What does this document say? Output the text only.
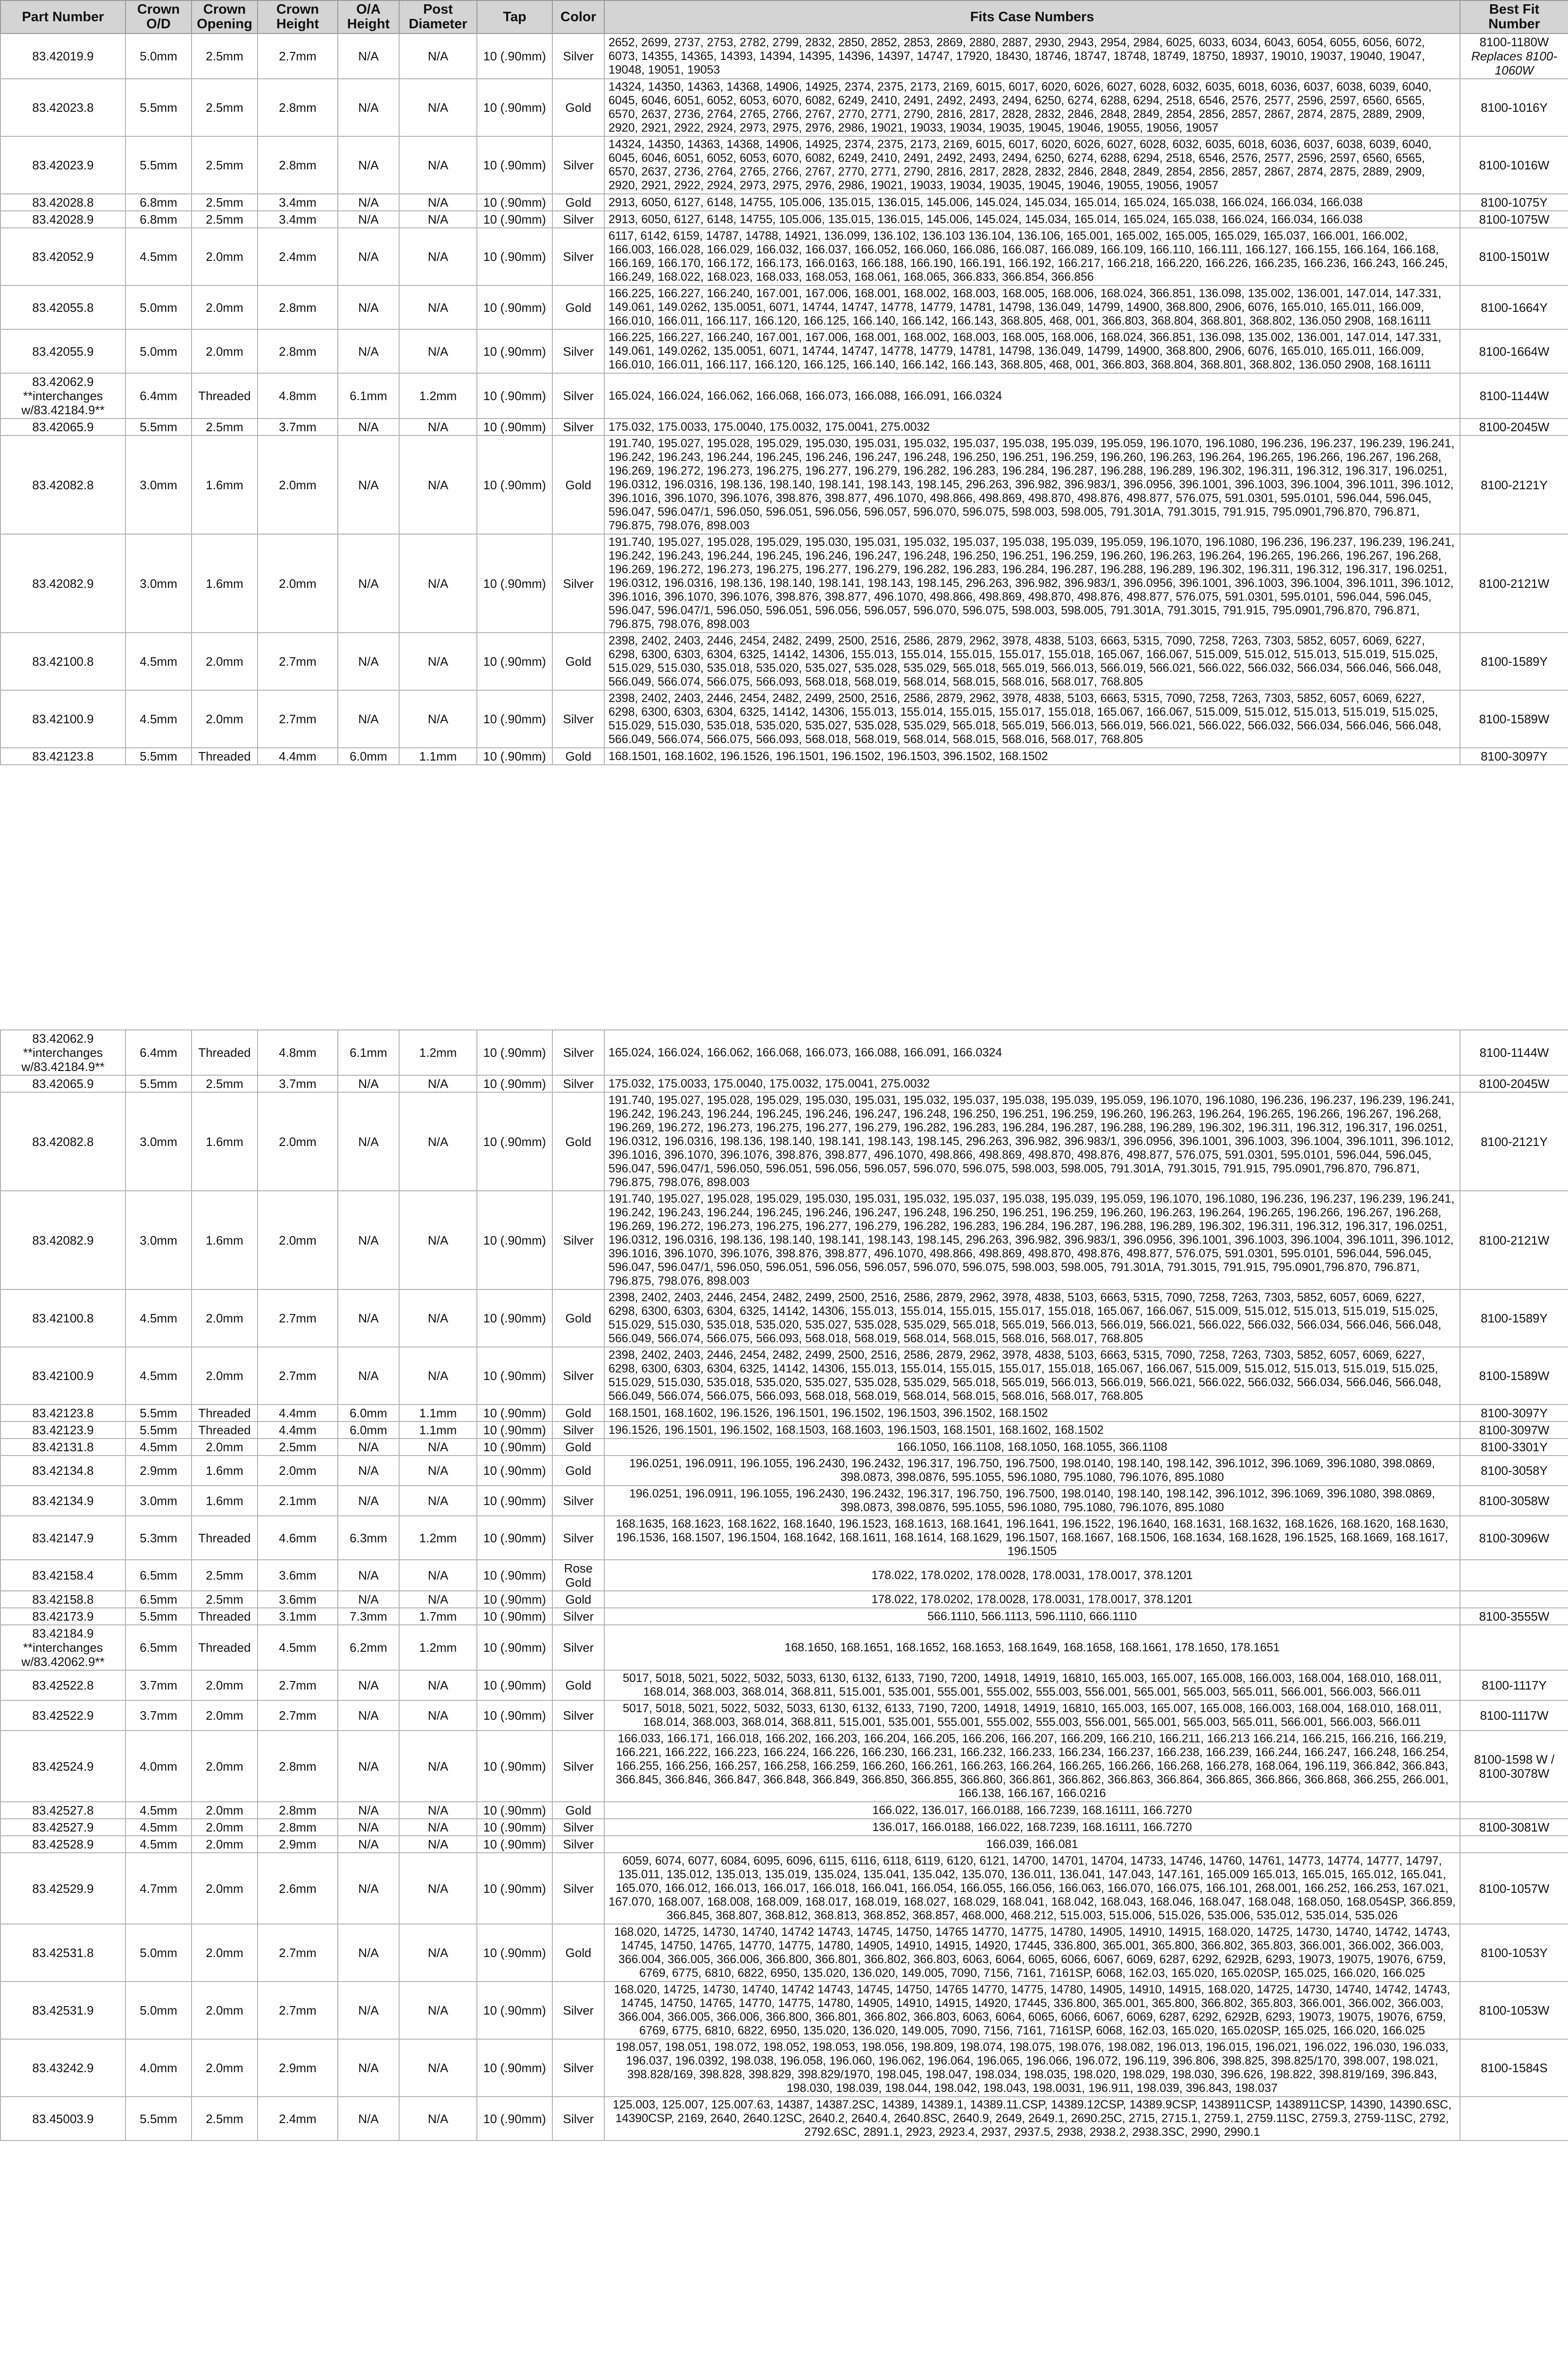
Part Number	Crown O/D	Crown Opening	Crown Height	O/A Height	Post Diameter	Tap	Color	Fits Case Numbers	Best Fit Number
83.42019.9	5.0mm	2.5mm	2.7mm	N/A	N/A	10 (.90mm)	Silver	2652, 2699, 2737, 2753, 2782, 2799, 2832, 2850, 2852, 2853, 2869, 2880, 2887, 2930, 2943, 2954, 2984, 6025, 6033, 6034, 6043, 6054, 6055, 6056, 6072, 6073, 14355, 14365, 14393, 14394, 14395, 14396, 14397, 14747, 17920, 18430, 18746, 18747, 18748, 18749, 18750, 18937, 19010, 19037, 19040, 19047, 19048, 19051, 19053	8100-1180W
Replaces 8100-1060W

83.42023.8	5.5mm	2.5mm	2.8mm	N/A	N/A	10 (.90mm)	Gold	14324, 14350, 14363, 14368, 14906, 14925, 2374, 2375, 2173, 2169, 6015, 6017, 6020, 6026, 6027, 6028, 6032, 6035, 6018, 6036, 6037, 6038, 6039, 6040, 6045, 6046, 6051, 6052, 6053, 6070, 6082, 6249, 2410, 2491, 2492, 2493, 2494, 6250, 6274, 6288, 6294, 2518, 6546, 2576, 2577, 2596, 2597, 6560, 6565, 6570, 2637, 2736, 2764, 2765, 2766, 2767, 2770, 2771, 2790, 2816, 2817, 2828, 2832, 2846, 2848, 2849, 2854, 2856, 2857, 2867, 2874, 2875, 2889, 2909, 2920, 2921, 2922, 2924, 2973, 2975, 2976, 2986, 19021, 19033, 19034, 19035, 19045, 19046, 19055, 19056, 19057	8100-1016Y
83.42023.9	5.5mm	2.5mm	2.8mm	N/A	N/A	10 (.90mm)	Silver	14324, 14350, 14363, 14368, 14906, 14925, 2374, 2375, 2173, 2169, 6015, 6017, 6020, 6026, 6027, 6028, 6032, 6035, 6018, 6036, 6037, 6038, 6039, 6040, 6045, 6046, 6051, 6052, 6053, 6070, 6082, 6249, 2410, 2491, 2492, 2493, 2494, 6250, 6274, 6288, 6294, 2518, 6546, 2576, 2577, 2596, 2597, 6560, 6565, 6570, 2637, 2736, 2764, 2765, 2766, 2767, 2770, 2771, 2790, 2816, 2817, 2828, 2832, 2846, 2848, 2849, 2854, 2856, 2857, 2867, 2874, 2875, 2889, 2909, 2920, 2921, 2922, 2924, 2973, 2975, 2976, 2986, 19021, 19033, 19034, 19035, 19045, 19046, 19055, 19056, 19057	8100-1016W
83.42028.8	6.8mm	2.5mm	3.4mm	N/A	N/A	10 (.90mm)	Gold	2913, 6050, 6127, 6148, 14755, 105.006, 135.015, 136.015, 145.006, 145.024, 145.034, 165.014, 165.024, 165.038, 166.024, 166.034, 166.038	8100-1075Y
83.42028.9	6.8mm	2.5mm	3.4mm	N/A	N/A	10 (.90mm)	Silver	2913, 6050, 6127, 6148, 14755, 105.006, 135.015, 136.015, 145.006, 145.024, 145.034, 165.014, 165.024, 165.038, 166.024, 166.034, 166.038	8100-1075W
83.42052.9	4.5mm	2.0mm	2.4mm	N/A	N/A	10 (.90mm)	Silver	6117, 6142, 6159, 14787, 14788, 14921, 136.099, 136.102, 136.103 136.104, 136.106, 165.001, 165.002, 165.005, 165.029, 165.037, 166.001, 166.002, 166.003, 166.028, 166.029, 166.032, 166.037, 166.052, 166.060, 166.086, 166.087, 166.089, 166.109, 166.110, 166.111, 166.127, 166.155, 166.164, 166.168, 166.169, 166.170, 166.172, 166.173, 166.0163, 166.188, 166.190, 166.191, 166.192, 166.217, 166.218, 166.220, 166.226, 166.235, 166.236, 166.243, 166.245, 166.249, 168.022, 168.023, 168.033, 168.053, 168.061, 168.065, 366.833, 366.854, 366.856	8100-1501W
83.42055.8	5.0mm	2.0mm	2.8mm	N/A	N/A	10 (.90mm)	Gold	166.225, 166.227, 166.240, 167.001, 167.006, 168.001, 168.002, 168.003, 168.005, 168.006, 168.024, 366.851, 136.098, 135.002, 136.001, 147.014, 147.331, 149.061, 149.0262, 135.0051, 6071, 14744, 14747, 14778, 14779, 14781, 14798, 136.049, 14799, 14900, 368.800, 2906, 6076, 165.010, 165.011, 166.009, 166.010, 166.011, 166.117, 166.120, 166.125, 166.140, 166.142, 166.143, 368.805, 468, 001, 366.803, 368.804, 368.801, 368.802, 136.050 2908, 168.16111	8100-1664Y
83.42055.9	5.0mm	2.0mm	2.8mm	N/A	N/A	10 (.90mm)	Silver	166.225, 166.227, 166.240, 167.001, 167.006, 168.001, 168.002, 168.003, 168.005, 168.006, 168.024, 366.851, 136.098, 135.002, 136.001, 147.014, 147.331, 149.061, 149.0262, 135.0051, 6071, 14744, 14747, 14778, 14779, 14781, 14798, 136.049, 14799, 14900, 368.800, 2906, 6076, 165.010, 165.011, 166.009, 166.010, 166.011, 166.117, 166.120, 166.125, 166.140, 166.142, 166.143, 368.805, 468, 001, 366.803, 368.804, 368.801, 368.802, 136.050 2908, 168.16111	8100-1664W
83.42062.9 **interchanges w/83.42184.9**	6.4mm	Threaded	4.8mm	6.1mm	1.2mm	10 (.90mm)	Silver	165.024, 166.024, 166.062, 166.068, 166.073, 166.088, 166.091, 166.0324	8100-1144W
83.42065.9	5.5mm	2.5mm	3.7mm	N/A	N/A	10 (.90mm)	Silver	175.032, 175.0033, 175.0040, 175.0032, 175.0041, 275.0032	8100-2045W
83.42082.8	3.0mm	1.6mm	2.0mm	N/A	N/A	10 (.90mm)	Gold	191.740, 195.027, 195.028, 195.029, 195.030, 195.031, 195.032, 195.037, 195.038, 195.039, 195.059, 196.1070, 196.1080, 196.236, 196.237, 196.239, 196.241, 196.242, 196.243, 196.244, 196.245, 196.246, 196.247, 196.248, 196.250, 196.251, 196.259, 196.260, 196.263, 196.264, 196.265, 196.266, 196.267, 196.268, 196.269, 196.272, 196.273, 196.275, 196.277, 196.279, 196.282, 196.283, 196.284, 196.287, 196.288, 196.289, 196.302, 196.311, 196.312, 196.317, 196.0251, 196.0312, 196.0316, 198.136, 198.140, 198.141, 198.143, 198.145, 296.263, 396.982, 396.983/1, 396.0956, 396.1001, 396.1003, 396.1004, 396.1011, 396.1012, 396.1016, 396.1070, 396.1076, 398.876, 398.877, 496.1070, 498.866, 498.869, 498.870, 498.876, 498.877, 576.075, 591.0301, 595.0101, 596.044, 596.045, 596.047, 596.047/1, 596.050, 596.051, 596.056, 596.057, 596.070, 596.075, 598.003, 598.005, 791.301A, 791.3015, 791.915, 795.0901,796.870, 796.871, 796.875, 798.076, 898.003	8100-2121Y
83.42082.9	3.0mm	1.6mm	2.0mm	N/A	N/A	10 (.90mm)	Silver	191.740, 195.027, 195.028, 195.029, 195.030, 195.031, 195.032, 195.037, 195.038, 195.039, 195.059, 196.1070, 196.1080, 196.236, 196.237, 196.239, 196.241, 196.242, 196.243, 196.244, 196.245, 196.246, 196.247, 196.248, 196.250, 196.251, 196.259, 196.260, 196.263, 196.264, 196.265, 196.266, 196.267, 196.268, 196.269, 196.272, 196.273, 196.275, 196.277, 196.279, 196.282, 196.283, 196.284, 196.287, 196.288, 196.289, 196.302, 196.311, 196.312, 196.317, 196.0251, 196.0312, 196.0316, 198.136, 198.140, 198.141, 198.143, 198.145, 296.263, 396.982, 396.983/1, 396.0956, 396.1001, 396.1003, 396.1004, 396.1011, 396.1012, 396.1016, 396.1070, 396.1076, 398.876, 398.877, 496.1070, 498.866, 498.869, 498.870, 498.876, 498.877, 576.075, 591.0301, 595.0101, 596.044, 596.045, 596.047, 596.047/1, 596.050, 596.051, 596.056, 596.057, 596.070, 596.075, 598.003, 598.005, 791.301A, 791.3015, 791.915, 795.0901,796.870, 796.871, 796.875, 798.076, 898.003	8100-2121W
83.42100.8	4.5mm	2.0mm	2.7mm	N/A	N/A	10 (.90mm)	Gold	2398, 2402, 2403, 2446, 2454, 2482, 2499, 2500, 2516, 2586, 2879, 2962, 3978, 4838, 5103, 6663, 5315, 7090, 7258, 7263, 7303, 5852, 6057, 6069, 6227, 6298, 6300, 6303, 6304, 6325, 14142, 14306, 155.013, 155.014, 155.015, 155.017, 155.018, 165.067, 166.067, 515.009, 515.012, 515.013, 515.019, 515.025, 515.029, 515.030, 535.018, 535.020, 535.027, 535.028, 535.029, 565.018, 565.019, 566.013, 566.019, 566.021, 566.022, 566.032, 566.034, 566.046, 566.048, 566.049, 566.074, 566.075, 566.093, 568.018, 568.019, 568.014, 568.015, 568.016, 568.017, 768.805	8100-1589Y
83.42100.9	4.5mm	2.0mm	2.7mm	N/A	N/A	10 (.90mm)	Silver	2398, 2402, 2403, 2446, 2454, 2482, 2499, 2500, 2516, 2586, 2879, 2962, 3978, 4838, 5103, 6663, 5315, 7090, 7258, 7263, 7303, 5852, 6057, 6069, 6227, 6298, 6300, 6303, 6304, 6325, 14142, 14306, 155.013, 155.014, 155.015, 155.017, 155.018, 165.067, 166.067, 515.009, 515.012, 515.013, 515.019, 515.025, 515.029, 515.030, 535.018, 535.020, 535.027, 535.028, 535.029, 565.018, 565.019, 566.013, 566.019, 566.021, 566.022, 566.032, 566.034, 566.046, 566.048, 566.049, 566.074, 566.075, 566.093, 568.018, 568.019, 568.014, 568.015, 568.016, 568.017, 768.805	8100-1589W
83.42123.8	5.5mm	Threaded	4.4mm	6.0mm	1.1mm	10 (.90mm)	Gold	168.1501, 168.1602, 196.1526, 196.1501, 196.1502, 196.1503, 396.1502, 168.1502	8100-3097Y
83.42062.9 **interchanges w/83.42184.9**	6.4mm	Threaded	4.8mm	6.1mm	1.2mm	10 (.90mm)	Silver	165.024, 166.024, 166.062, 166.068, 166.073, 166.088, 166.091, 166.0324	8100-1144W
83.42065.9	5.5mm	2.5mm	3.7mm	N/A	N/A	10 (.90mm)	Silver	175.032, 175.0033, 175.0040, 175.0032, 175.0041, 275.0032	8100-2045W
83.42082.8	3.0mm	1.6mm	2.0mm	N/A	N/A	10 (.90mm)	Gold	191.740, 195.027, 195.028, 195.029, 195.030, 195.031, 195.032, 195.037, 195.038, 195.039, 195.059, 196.1070, 196.1080, 196.236, 196.237, 196.239, 196.241, 196.242, 196.243, 196.244, 196.245, 196.246, 196.247, 196.248, 196.250, 196.251, 196.259, 196.260, 196.263, 196.264, 196.265, 196.266, 196.267, 196.268, 196.269, 196.272, 196.273, 196.275, 196.277, 196.279, 196.282, 196.283, 196.284, 196.287, 196.288, 196.289, 196.302, 196.311, 196.312, 196.317, 196.0251, 196.0312, 196.0316, 198.136, 198.140, 198.141, 198.143, 198.145, 296.263, 396.982, 396.983/1, 396.0956, 396.1001, 396.1003, 396.1004, 396.1011, 396.1012, 396.1016, 396.1070, 396.1076, 398.876, 398.877, 496.1070, 498.866, 498.869, 498.870, 498.876, 498.877, 576.075, 591.0301, 595.0101, 596.044, 596.045, 596.047, 596.047/1, 596.050, 596.051, 596.056, 596.057, 596.070, 596.075, 598.003, 598.005, 791.301A, 791.3015, 791.915, 795.0901,796.870, 796.871, 796.875, 798.076, 898.003	8100-2121Y
83.42082.9	3.0mm	1.6mm	2.0mm	N/A	N/A	10 (.90mm)	Silver	191.740, 195.027, 195.028, 195.029, 195.030, 195.031, 195.032, 195.037, 195.038, 195.039, 195.059, 196.1070, 196.1080, 196.236, 196.237, 196.239, 196.241, 196.242, 196.243, 196.244, 196.245, 196.246, 196.247, 196.248, 196.250, 196.251, 196.259, 196.260, 196.263, 196.264, 196.265, 196.266, 196.267, 196.268, 196.269, 196.272, 196.273, 196.275, 196.277, 196.279, 196.282, 196.283, 196.284, 196.287, 196.288, 196.289, 196.302, 196.311, 196.312, 196.317, 196.0251, 196.0312, 196.0316, 198.136, 198.140, 198.141, 198.143, 198.145, 296.263, 396.982, 396.983/1, 396.0956, 396.1001, 396.1003, 396.1004, 396.1011, 396.1012, 396.1016, 396.1070, 396.1076, 398.876, 398.877, 496.1070, 498.866, 498.869, 498.870, 498.876, 498.877, 576.075, 591.0301, 595.0101, 596.044, 596.045, 596.047, 596.047/1, 596.050, 596.051, 596.056, 596.057, 596.070, 596.075, 598.003, 598.005, 791.301A, 791.3015, 791.915, 795.0901,796.870, 796.871, 796.875, 798.076, 898.003	8100-2121W
83.42100.8	4.5mm	2.0mm	2.7mm	N/A	N/A	10 (.90mm)	Gold	2398, 2402, 2403, 2446, 2454, 2482, 2499, 2500, 2516, 2586, 2879, 2962, 3978, 4838, 5103, 6663, 5315, 7090, 7258, 7263, 7303, 5852, 6057, 6069, 6227, 6298, 6300, 6303, 6304, 6325, 14142, 14306, 155.013, 155.014, 155.015, 155.017, 155.018, 165.067, 166.067, 515.009, 515.012, 515.013, 515.019, 515.025, 515.029, 515.030, 535.018, 535.020, 535.027, 535.028, 535.029, 565.018, 565.019, 566.013, 566.019, 566.021, 566.022, 566.032, 566.034, 566.046, 566.048, 566.049, 566.074, 566.075, 566.093, 568.018, 568.019, 568.014, 568.015, 568.016, 568.017, 768.805	8100-1589Y
83.42100.9	4.5mm	2.0mm	2.7mm	N/A	N/A	10 (.90mm)	Silver	2398, 2402, 2403, 2446, 2454, 2482, 2499, 2500, 2516, 2586, 2879, 2962, 3978, 4838, 5103, 6663, 5315, 7090, 7258, 7263, 7303, 5852, 6057, 6069, 6227, 6298, 6300, 6303, 6304, 6325, 14142, 14306, 155.013, 155.014, 155.015, 155.017, 155.018, 165.067, 166.067, 515.009, 515.012, 515.013, 515.019, 515.025, 515.029, 515.030, 535.018, 535.020, 535.027, 535.028, 535.029, 565.018, 565.019, 566.013, 566.019, 566.021, 566.022, 566.032, 566.034, 566.046, 566.048, 566.049, 566.074, 566.075, 566.093, 568.018, 568.019, 568.014, 568.015, 568.016, 568.017, 768.805	8100-1589W
83.42123.8	5.5mm	Threaded	4.4mm	6.0mm	1.1mm	10 (.90mm)	Gold	168.1501, 168.1602, 196.1526, 196.1501, 196.1502, 196.1503, 396.1502, 168.1502	8100-3097Y
83.42123.9	5.5mm	Threaded	4.4mm	6.0mm	1.1mm	10 (.90mm)	Silver	196.1526, 196.1501, 196.1502, 168.1503, 168.1603, 196.1503, 168.1501, 168.1602, 168.1502	8100-3097W
83.42131.8	4.5mm	2.0mm	2.5mm	N/A	N/A	10 (.90mm)	Gold	166.1050, 166.1108, 168.1050, 168.1055, 366.1108	8100-3301Y
83.42134.8	2.9mm	1.6mm	2.0mm	N/A	N/A	10 (.90mm)	Gold	196.0251, 196.0911, 196.1055, 196.2430, 196.2432, 196.317, 196.750, 196.7500, 198.0140, 198.140, 198.142, 396.1012, 396.1069, 396.1080, 398.0869, 398.0873, 398.0876, 595.1055, 596.1080, 795.1080, 796.1076, 895.1080	8100-3058Y
83.42134.9	3.0mm	1.6mm	2.1mm	N/A	N/A	10 (.90mm)	Silver	196.0251, 196.0911, 196.1055, 196.2430, 196.2432, 196.317, 196.750, 196.7500, 198.0140, 198.140, 198.142, 396.1012, 396.1069, 396.1080, 398.0869, 398.0873, 398.0876, 595.1055, 596.1080, 795.1080, 796.1076, 895.1080	8100-3058W
83.42147.9	5.3mm	Threaded	4.6mm	6.3mm	1.2mm	10 (.90mm)	Silver	168.1635, 168.1623, 168.1622, 168.1640, 196.1523, 168.1613, 168.1641, 196.1641, 196.1522, 196.1640, 168.1631, 168.1632, 168.1626, 168.1620, 168.1630, 196.1536, 168.1507, 196.1504, 168.1642, 168.1611, 168.1614, 168.1629, 196.1507, 168.1667, 168.1506, 168.1634, 168.1628, 196.1525, 168.1669, 168.1617, 196.1505	8100-3096W
83.42158.4	6.5mm	2.5mm	3.6mm	N/A	N/A	10 (.90mm)	Rose Gold	178.022, 178.0202, 178.0028, 178.0031, 178.0017, 378.1201	
83.42158.8	6.5mm	2.5mm	3.6mm	N/A	N/A	10 (.90mm)	Gold	178.022, 178.0202, 178.0028, 178.0031, 178.0017, 378.1201	
83.42173.9	5.5mm	Threaded	3.1mm	7.3mm	1.7mm	10 (.90mm)	Silver	566.1110, 566.1113, 596.1110, 666.1110	8100-3555W
83.42184.9 **interchanges w/83.42062.9**	6.5mm	Threaded	4.5mm	6.2mm	1.2mm	10 (.90mm)	Silver	168.1650, 168.1651, 168.1652, 168.1653, 168.1649, 168.1658, 168.1661, 178.1650, 178.1651	
83.42522.8	3.7mm	2.0mm	2.7mm	N/A	N/A	10 (.90mm)	Gold	5017, 5018, 5021, 5022, 5032, 5033, 6130, 6132, 6133, 7190, 7200, 14918, 14919, 16810, 165.003, 165.007, 165.008, 166.003, 168.004, 168.010, 168.011, 168.014, 368.003, 368.014, 368.811, 515.001, 535.001, 555.001, 555.002, 555.003, 556.001, 565.001, 565.003, 565.011, 566.001, 566.003, 566.011	8100-1117Y
83.42522.9	3.7mm	2.0mm	2.7mm	N/A	N/A	10 (.90mm)	Silver	5017, 5018, 5021, 5022, 5032, 5033, 6130, 6132, 6133, 7190, 7200, 14918, 14919, 16810, 165.003, 165.007, 165.008, 166.003, 168.004, 168.010, 168.011, 168.014, 368.003, 368.014, 368.811, 515.001, 535.001, 555.001, 555.002, 555.003, 556.001, 565.001, 565.003, 565.011, 566.001, 566.003, 566.011	8100-1117W
83.42524.9	4.0mm	2.0mm	2.8mm	N/A	N/A	10 (.90mm)	Silver	166.033, 166.171, 166.018, 166.202, 166.203, 166.204, 166.205, 166.206, 166.207, 166.209, 166.210, 166.211, 166.213 166.214, 166.215, 166.216, 166.219, 166.221, 166.222, 166.223, 166.224, 166.226, 166.230, 166.231, 166.232, 166.233, 166.234, 166.237, 166.238, 166.239, 166.244, 166.247, 166.248, 166.254, 166.255, 166.256, 166.257, 166.258, 166.259, 166.260, 166.261, 166.263, 166.264, 166.265, 166.266, 166.268, 166.278, 168.064, 196.119, 366.842, 366.843, 366.845, 366.846, 366.847, 366.848, 366.849, 366.850, 366.855, 366.860, 366.861, 366.862, 366.863, 366.864, 366.865, 366.866, 366.868, 366.255, 266.001, 166.138, 166.167, 166.0216	8100-1598 W / 8100-3078W
83.42527.8	4.5mm	2.0mm	2.8mm	N/A	N/A	10 (.90mm)	Gold	166.022, 136.017, 166.0188, 166.7239, 168.16111, 166.7270	
83.42527.9	4.5mm	2.0mm	2.8mm	N/A	N/A	10 (.90mm)	Silver	136.017, 166.0188, 166.022, 168.7239, 168.16111, 166.7270	8100-3081W
83.42528.9	4.5mm	2.0mm	2.9mm	N/A	N/A	10 (.90mm)	Silver	166.039, 166.081	
83.42529.9	4.7mm	2.0mm	2.6mm	N/A	N/A	10 (.90mm)	Silver	6059, 6074, 6077, 6084, 6095, 6096, 6115, 6116, 6118, 6119, 6120, 6121, 14700, 14701, 14704, 14733, 14746, 14760, 14761, 14773, 14774, 14777, 14797, 135.011, 135.012, 135.013, 135.019, 135.024, 135.041, 135.042, 135.070, 136.011, 136.041, 147.043, 147.161, 165.009 165.013, 165.015, 165.012, 165.041, 165.070, 166.012, 166.013, 166.017, 166.018, 166.041, 166.054, 166.055, 166.056, 166.063, 166.070, 166.075, 166.101, 268.001, 166.252, 166.253, 167.021, 167.070, 168.007, 168.008, 168.009, 168.017, 168.019, 168.027, 168.029, 168.041, 168.042, 168.043, 168.046, 168.047, 168.048, 168.050, 168.054SP, 366.859, 366.845, 368.807, 368.812, 368.813, 368.852, 368.857, 468.000, 468.212, 515.003, 515.006, 515.026, 535.006, 535.012, 535.014, 535.026	8100-1057W
83.42531.8	5.0mm	2.0mm	2.7mm	N/A	N/A	10 (.90mm)	Gold	168.020, 14725, 14730, 14740, 14742 14743, 14745, 14750, 14765 14770, 14775, 14780, 14905, 14910, 14915, 168.020, 14725, 14730, 14740, 14742, 14743, 14745, 14750, 14765, 14770, 14775, 14780, 14905, 14910, 14915, 14920, 17445, 336.800, 365.001, 365.800, 366.802, 365.803, 366.001, 366.002, 366.003, 366.004, 366.005, 366.006, 366.800, 366.801, 366.802, 366.803, 6063, 6064, 6065, 6066, 6067, 6069, 6287, 6292, 6292B, 6293, 19073, 19075, 19076, 6759, 6769, 6775, 6810, 6822, 6950, 135.020, 136.020, 149.005, 7090, 7156, 7161, 7161SP, 6068, 162.03, 165.020, 165.020SP, 165.025, 166.020, 166.025	8100-1053Y
83.42531.9	5.0mm	2.0mm	2.7mm	N/A	N/A	10 (.90mm)	Silver	168.020, 14725, 14730, 14740, 14742 14743, 14745, 14750, 14765 14770, 14775, 14780, 14905, 14910, 14915, 168.020, 14725, 14730, 14740, 14742, 14743, 14745, 14750, 14765, 14770, 14775, 14780, 14905, 14910, 14915, 14920, 17445, 336.800, 365.001, 365.800, 366.802, 365.803, 366.001, 366.002, 366.003, 366.004, 366.005, 366.006, 366.800, 366.801, 366.802, 366.803, 6063, 6064, 6065, 6066, 6067, 6069, 6287, 6292, 6292B, 6293, 19073, 19075, 19076, 6759, 6769, 6775, 6810, 6822, 6950, 135.020, 136.020, 149.005, 7090, 7156, 7161, 7161SP, 6068, 162.03, 165.020, 165.020SP, 165.025, 166.020, 166.025	8100-1053W
83.43242.9	4.0mm	2.0mm	2.9mm	N/A	N/A	10 (.90mm)	Silver	198.057, 198.051, 198.072, 198.052, 198.053, 198.056, 198.809, 198.074, 198.075, 198.076, 198.082, 196.013, 196.015, 196.021, 196.022, 196.030, 196.033, 196.037, 196.0392, 198.038, 196.058, 196.060, 196.062, 196.064, 196.065, 196.066, 196.072, 196.119, 396.806, 398.825, 398.825/170, 398.007, 198.021, 398.828/169, 398.828, 398.829, 398.829/1970, 198.045, 198.047, 198.034, 198.035, 198.020, 198.029, 198.030, 396.626, 198.822, 398.819/169, 396.843, 198.030, 198.039, 198.044, 198.042, 198.043, 198.0031, 196.911, 198.039, 396.843, 198.037	8100-1584S
83.45003.9	5.5mm	2.5mm	2.4mm	N/A	N/A	10 (.90mm)	Silver	125.003, 125.007, 125.007.63, 14387, 14387.2SC, 14389, 14389.1, 14389.11.CSP, 14389.12CSP, 14389.9CSP, 1438911CSP, 1438911CSP, 14390, 14390.6SC, 14390CSP, 2169, 2640, 2640.12SC, 2640.2, 2640.4, 2640.8SC, 2640.9, 2649, 2649.1, 2690.25C, 2715, 2715.1, 2759.1, 2759.11SC, 2759.3, 2759-11SC, 2792, 2792.6SC, 2891.1, 2923, 2923.4, 2937, 2937.5, 2938, 2938.2, 2938.3SC, 2990, 2990.1	
